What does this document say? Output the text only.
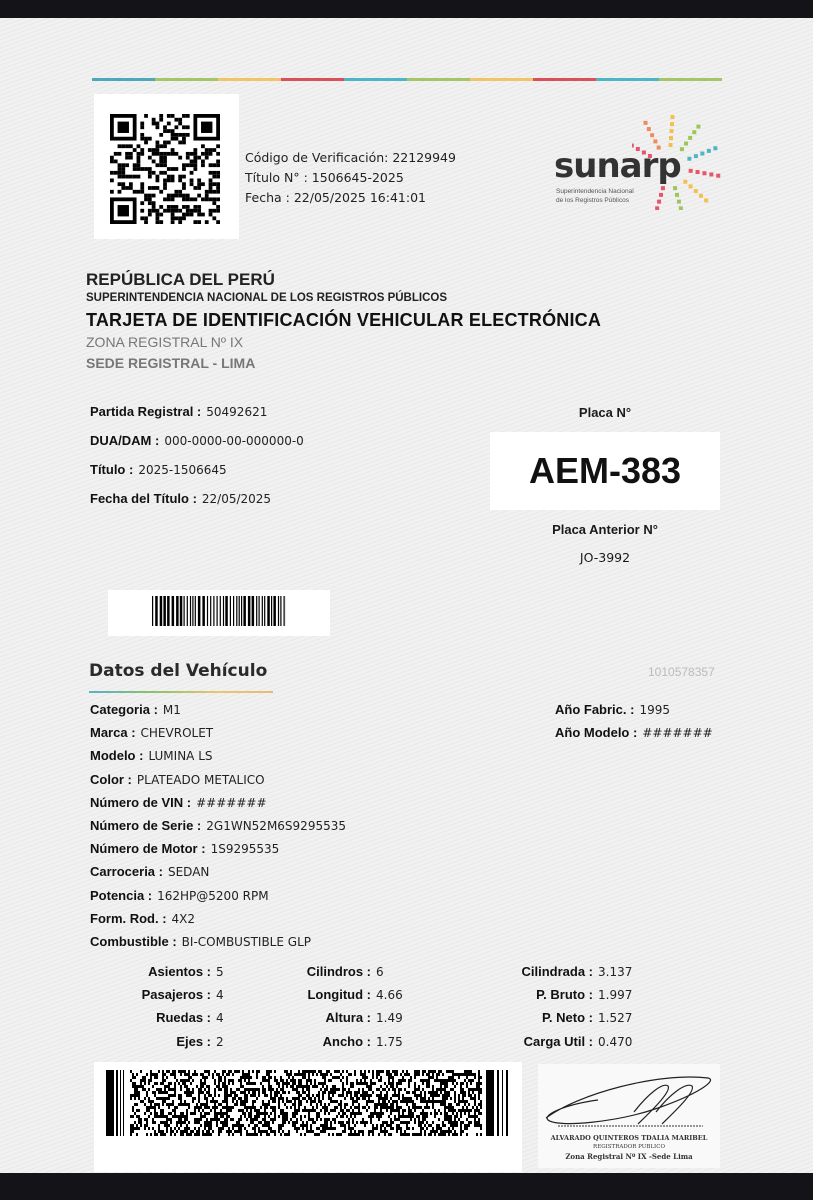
Código de Verificación: 22129949
Título N° : 1506645-2025
Fecha : 22/05/2025 16:41:01
sunarp
Superintendencia Nacional
de los Registros Públicos
REPÚBLICA DEL PERÚ
SUPERINTENDENCIA NACIONAL DE LOS REGISTROS PÚBLICOS
TARJETA DE IDENTIFICACIÓN VEHICULAR ELECTRÓNICA
ZONA REGISTRAL Nº IX
SEDE REGISTRAL - LIMA
Partida Registral : 50492621
DUA/DAM : 000-0000-00-000000-0
Título : 2025-1506645
Fecha del Título : 22/05/2025
Placa N°
AEM-383
Placa Anterior N°
JO-3992
Datos del Vehículo	1010578357
Categoria : M1
Marca : CHEVROLET
Modelo : LUMINA LS
Color : PLATEADO METALICO
Número de VIN : #######
Número de Serie : 2G1WN52M6S9295535
Número de Motor : 1S9295535
Carroceria : SEDAN
Potencia : 162HP@5200 RPM
Form. Rod. : 4X2
Combustible : BI-COMBUSTIBLE GLP
Año Fabric. : 1995
Año Modelo : #######
Asientos : 5
Pasajeros : 4
Ruedas : 4
Ejes : 2
Cilindros : 6
Longitud : 4.66
Altura : 1.49
Ancho : 1.75
Cilindrada : 3.137
P. Bruto : 1.997
P. Neto : 1.527
Carga Util : 0.470
ALVARADO QUINTEROS TDALIA MARIBEL
REGISTRADOR PUBLICO
Zona Registral Nº IX -Sede Lima
